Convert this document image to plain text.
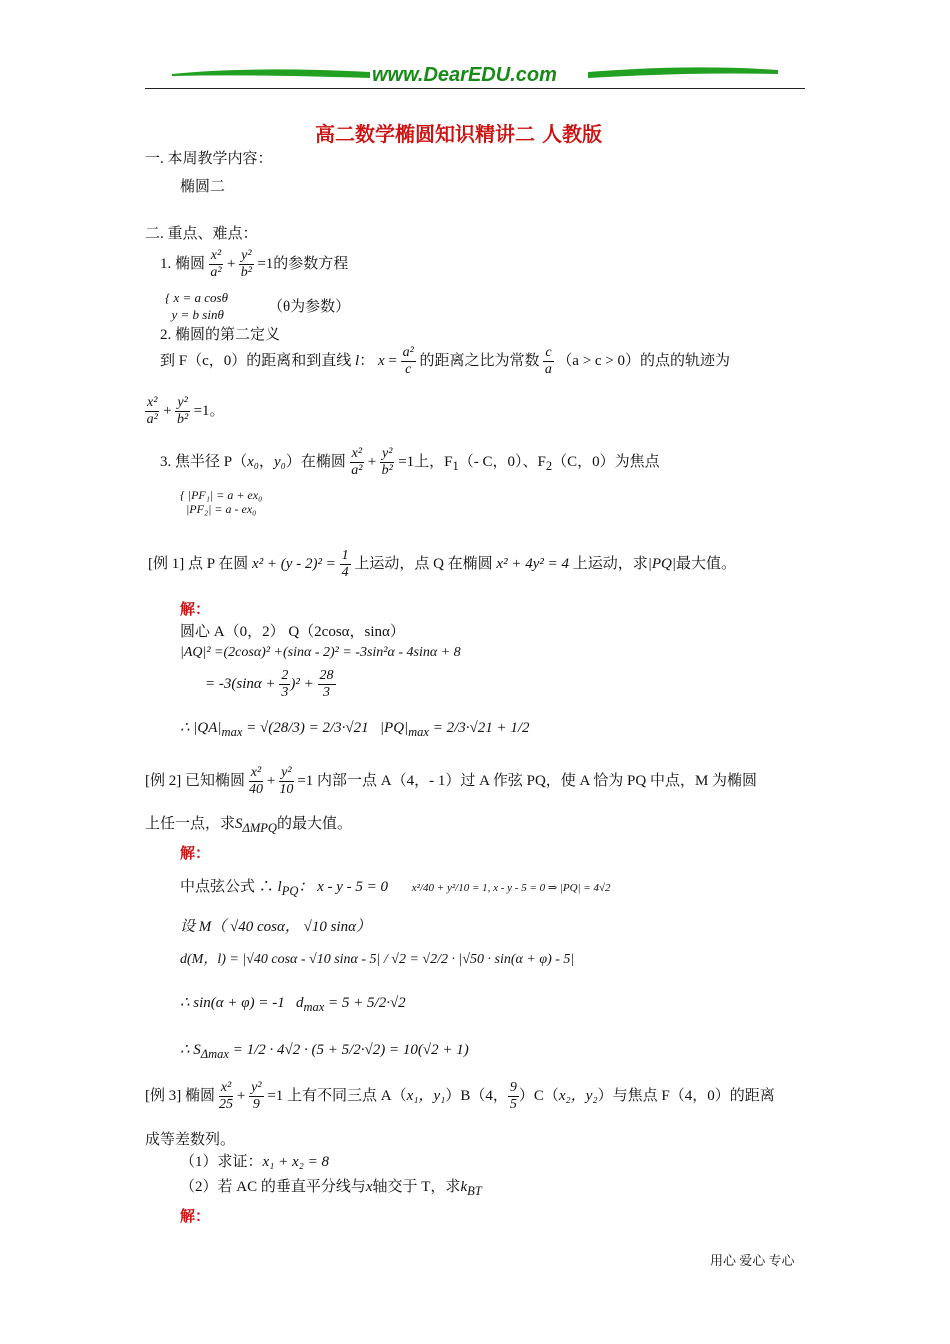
www.DearEDU.com
高二数学椭圆知识精讲二 人教版
一. 本周教学内容：
椭圆二
二. 重点、难点：
1. 椭圆 $\frac{\text{x²}}{\text{a²}} + \frac{\text{y²}}{\text{b²}} =1$的参数方程
{ x = a cosθ
y = b sinθ	（θ为参数）
2. 椭圆的第二定义
到 F（c，0）的距离和到直线 l： $x = \frac{\text{a²}}{c}$ 的距离之比为常数 $\frac{c}{a} (a > c > 0)$的点的轨迹为
$\frac{\text{x²}}{\text{a²}} + \frac{\text{y²}}{\text{b²}} =1$。
3. 焦半径 P（x₀，y₀）在椭圆 $\frac{\text{x²}}{\text{a²}} + \frac{\text{y²}}{\text{b²}} =1$上，$F_1(-$ C，0）、$F_2(C$，0）为焦点
{ |PF₁| = a + ex₀
|PF₂| = a - ex₀
[例 1] 点 P 在圆 $x^2 + (y - 2)^2 = \frac{1}{4}$ 上运动，点 Q 在椭圆 x² + 4y² = 4 上运动，求|PQ|最大值。
解：
圆心 A（0，2） Q（2cosα，sinα）
|AQ|² =(2cosα)² +(sinα - 2)² = -3sin²α - 4sinα + 8
= $-3(\sin\alpha + \frac{2}{3} )^2 + \frac{28}{3}$
∴ $|QA|_{max} = √(28/3) = 2/3\cdot√21$   $|PQ|_{max} = 2/3\cdot√21 + 1/2$
[例 2] 已知椭圆 $\frac{\text{x²}}{40} + \frac{\text{y²}}{10} =1$ 内部一点 A（4，- 1）过 A 作弦 PQ，使 A 恰为 PQ 中点，M 为椭圆
上任一点，求$S_{\Delta MPQ}$的最大值。
解：
中点弦公式 ∴ $l_{PQ}$： x - y - 5 = 0 x²/40 + y²/10 = 1, x - y - 5 = 0 ⇒ |PQ| = 4√2
设 M（ √40 cosα， √10 sinα）
d(M，l) = |√40 cosα - √10 sinα - 5| / √2 = √2/2 · |√50 · sin(α + φ) - 5|
∴ sin(α + φ) = -1   $d_{max} = 5 + 5/2\cdot√2$
∴ $S_{\Delta max} = 1/2 \cdot 4√2 \cdot (5 + 5/2\cdot√2) = 10(√2 + 1)$
[例 3] 椭圆 $\frac{\text{x²}}{25} + \frac{\text{y²}}{9} =1$ 上有不同三点 A（x₁，y₁）B（4， $\frac{9}{5} )C(x_2$，y₂）与焦点 F（4，0）的距离
成等差数列。
（1）求证：x₁ + x₂ = 8
（2）若 AC 的垂直平分线与x轴交于 T，求$k_{BT}$
解：
用心 爱心 专心
